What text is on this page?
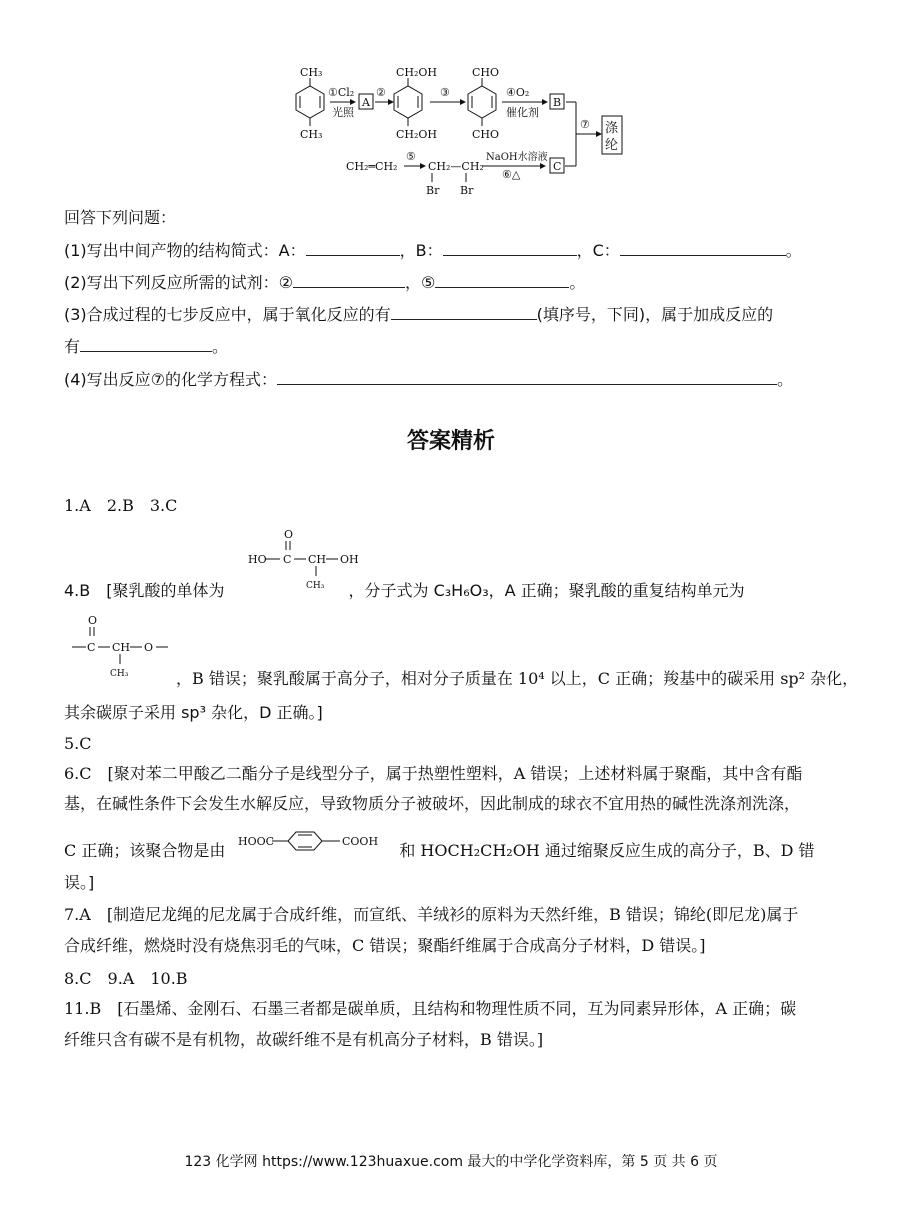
CH₃
CH₃
①Cl₂
光照
A
②
CH₂OH
CH₂OH
③
CHO
CHO
④O₂
催化剂
B
⑦ 涤
纶
CH₂═CH₂
⑤
CH₂—CH₂
Br Br
NaOH水溶液
⑥△
C
回答下列问题：
(1)写出中间产物的结构简式：A：	，B：	，C：	。
(2)写出下列反应所需的试剂：②	，⑤	。
(3)合成过程的七步反应中，属于氧化反应的有	(填序号，下同)，属于加成反应的
有	。
(4)写出反应⑦的化学方程式：	。
答案精析
1.A　2.B　3.C
O
HO C CH OH
CH₃
4.B　[聚乳酸的单体为	，分子式为 C₃H₆O₃，A 正确；聚乳酸的重复结构单元为
O
C CH O
CH₃	，B 错误；聚乳酸属于高分子，相对分子质量在 10⁴ 以上，C 正确；羧基中的碳采用 sp² 杂化，
其余碳原子采用 sp³ 杂化，D 正确。]
5.C
6.C　[聚对苯二甲酸乙二酯分子是线型分子，属于热塑性塑料，A 错误；上述材料属于聚酯，其中含有酯
基，在碱性条件下会发生水解反应，导致物质分子被破坏，因此制成的球衣不宜用热的碱性洗涤剂洗涤，
C 正确；该聚合物是由	和 HOCH₂CH₂OH 通过缩聚反应生成的高分子，B、D 错
HOOC	COOH
误。]
7.A　[制造尼龙绳的尼龙属于合成纤维，而宣纸、羊绒衫的原料为天然纤维，B 错误；锦纶(即尼龙)属于
合成纤维，燃烧时没有烧焦羽毛的气味，C 错误；聚酯纤维属于合成高分子材料，D 错误。]
8.C　9.A　10.B
11.B　[石墨烯、金刚石、石墨三者都是碳单质，且结构和物理性质不同，互为同素异形体，A 正确；碳
纤维只含有碳不是有机物，故碳纤维不是有机高分子材料，B 错误。]
123 化学网 https://www.123huaxue.com 最大的中学化学资料库，第 5 页 共 6 页
